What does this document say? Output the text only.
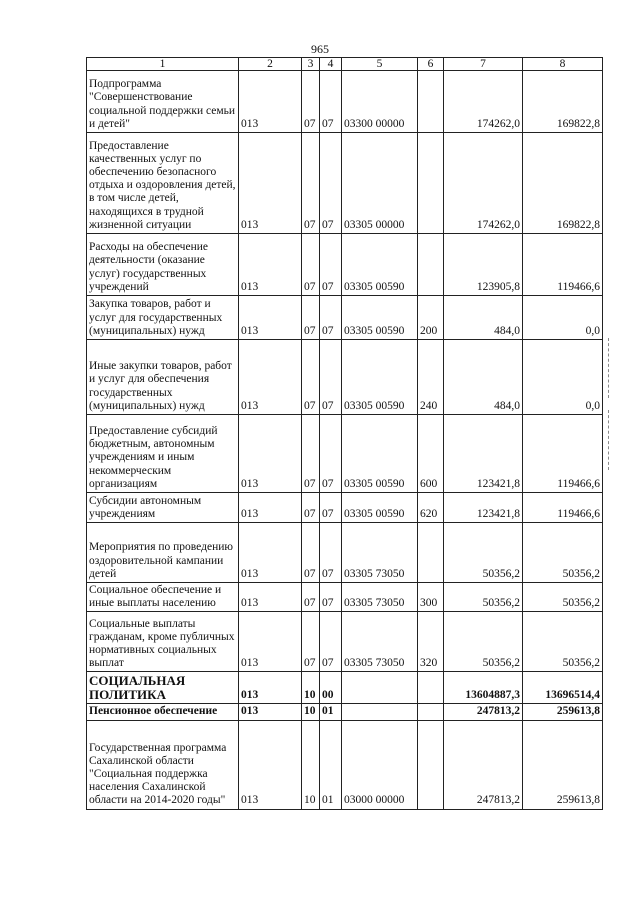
965
1	2	3	4	5	6	7	8
Подпрограмма "Совершенствование социальной поддержки семьи и детей"	013	07	07	03300 00000		174262,0	169822,8
Предоставление качественных услуг по обеспечению безопасного отдыха и оздоровления детей, в том числе детей, находящихся в трудной жизненной ситуации	013	07	07	03305 00000		174262,0	169822,8
Расходы на обеспечение деятельности (оказание услуг) государственных учреждений	013	07	07	03305 00590		123905,8	119466,6
Закупка товаров, работ и услуг для государственных (муниципальных) нужд	013	07	07	03305 00590	200	484,0	0,0
Иные закупки товаров, работ и услуг для обеспечения государственных (муниципальных) нужд	013	07	07	03305 00590	240	484,0	0,0
Предоставление субсидий бюджетным, автономным учреждениям и иным некоммерческим организациям	013	07	07	03305 00590	600	123421,8	119466,6
Субсидии автономным учреждениям	013	07	07	03305 00590	620	123421,8	119466,6
Мероприятия по проведению оздоровительной кампании детей	013	07	07	03305 73050		50356,2	50356,2
Социальное обеспечение и иные выплаты населению	013	07	07	03305 73050	300	50356,2	50356,2
Социальные выплаты гражданам, кроме публичных нормативных социальных выплат	013	07	07	03305 73050	320	50356,2	50356,2
СОЦИАЛЬНАЯ ПОЛИТИКА	013	10	00			13604887,3	13696514,4
Пенсионное обеспечение	013	10	01			247813,2	259613,8
Государственная программа Сахалинской области "Социальная поддержка населения Сахалинской области на 2014-2020 годы"	013	10	01	03000 00000		247813,2	259613,8
